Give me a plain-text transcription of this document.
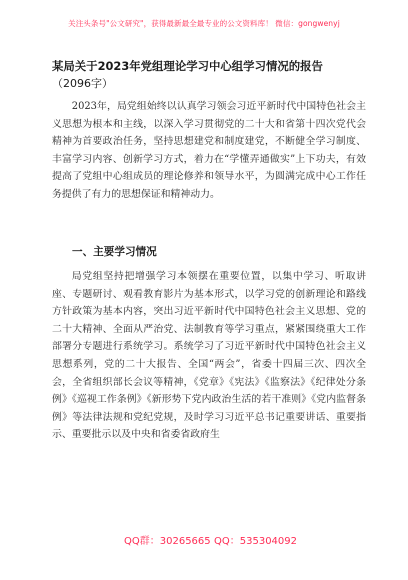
关注头条号"公文研究"，获得最新最全最专业的公文资料库！ 微信：gongwenyj
某局关于2023年党组理论学习中心组学习情况的报告
（2096字）

2023年，局党组始终以认真学习领会习近平新时代中国特色社会主义思想为根本和主线，以深入学习贯彻党的二十大和省第十四次党代会精神为首要政治任务，坚持思想建党和制度建党，不断健全学习制度、丰富学习内容、创新学习方式，着力在“学懂弄通做实”上下功夫，有效提高了党组中心组成员的理论修养和领导水平，为圆满完成中心工作任务提供了有力的思想保证和精神动力。

一、主要学习情况

局党组坚持把增强学习本领摆在重要位置，以集中学习、听取讲座、专题研讨、观看教育影片为基本形式，以学习党的创新理论和路线方针政策为基本内容，突出习近平新时代中国特色社会主义思想、党的二十大精神、全面从严治党、法制教育等学习重点，紧紧围绕重大工作部署分专题进行系统学习。系统学习了习近平新时代中国特色社会主义思想系列，党的二十大报告、全国“两会”，省委十四届三次、四次全会，全省组织部长会议等精神，《党章》《宪法》《监察法》《纪律处分条例》《巡视工作条例》《新形势下党内政治生活的若干准则》《党内监督条例》等法律法规和党纪党规，及时学习习近平总书记重要讲话、重要指示、重要批示以及中央和省委省政府生

QQ群：30265665 QQ：535304092
